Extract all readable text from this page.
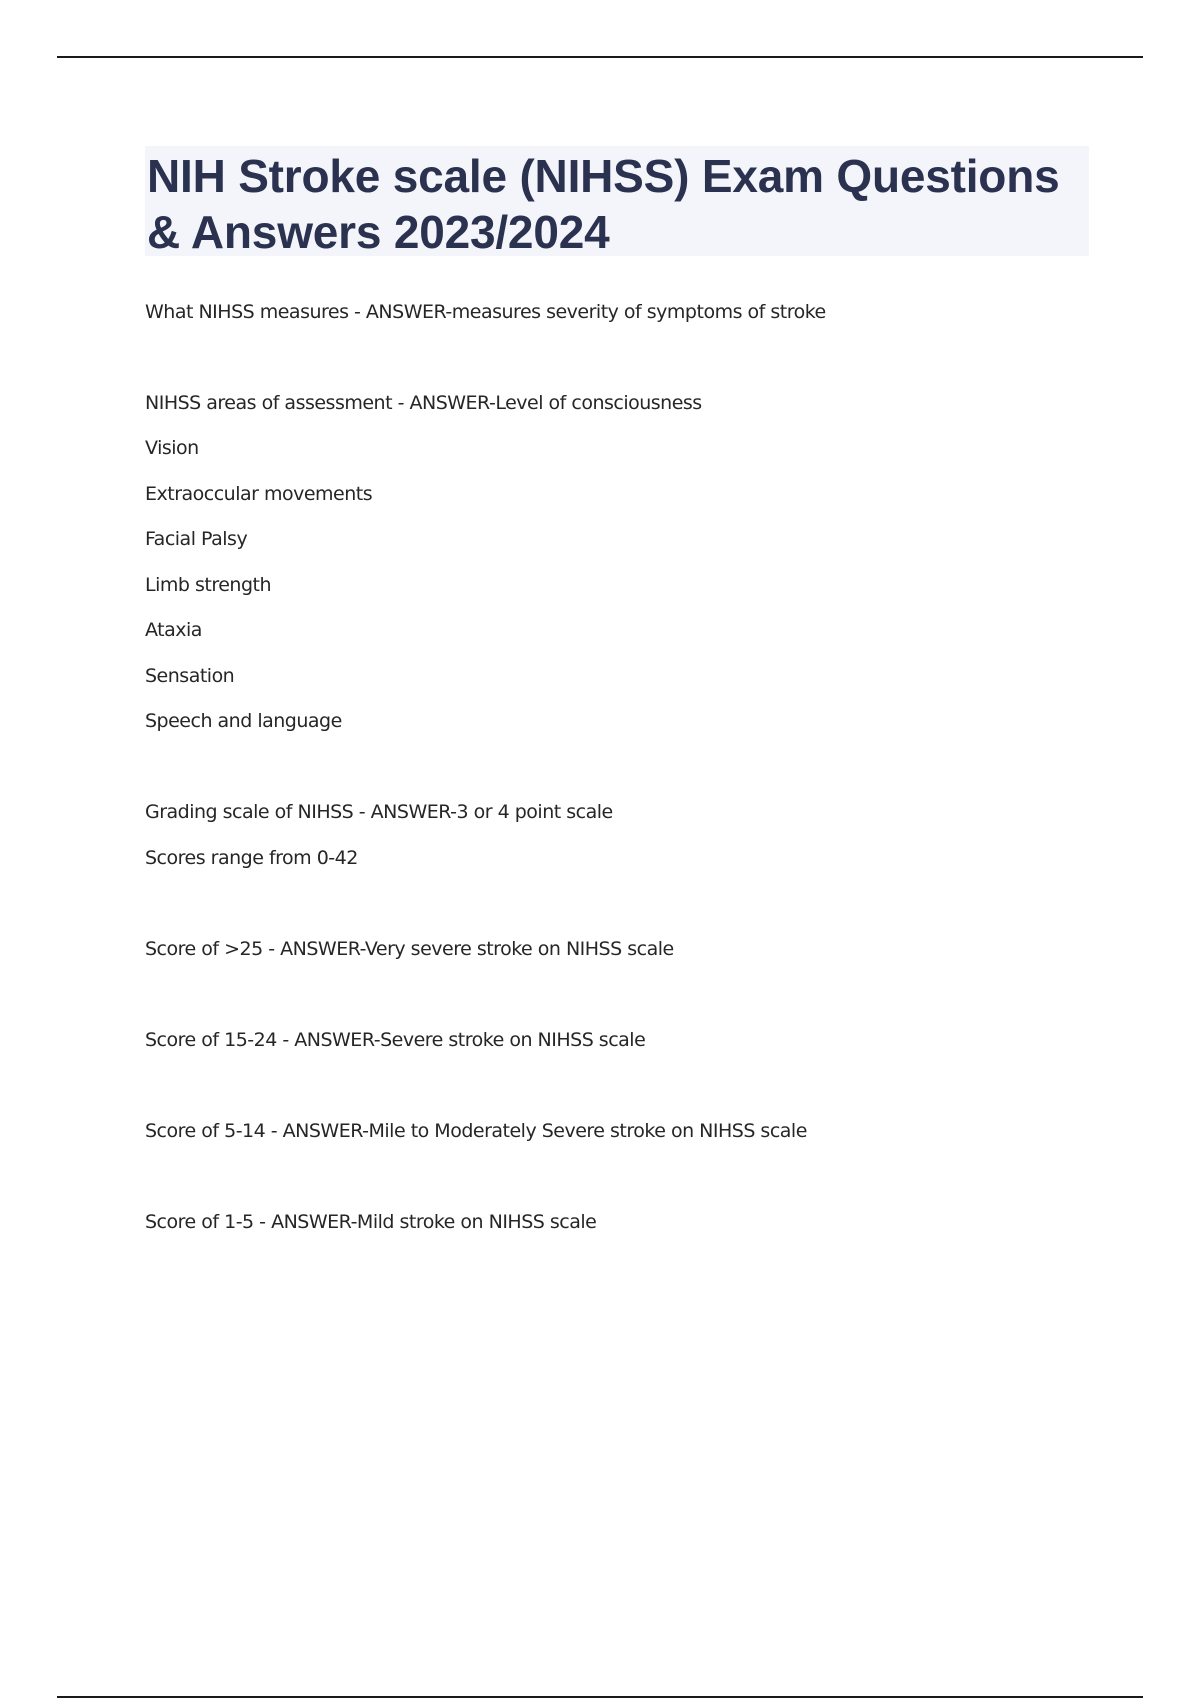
NIH Stroke scale (NIHSS) Exam Questions & Answers 2023/2024
What NIHSS measures - ANSWER-measures severity of symptoms of stroke
NIHSS areas of assessment - ANSWER-Level of consciousness
Vision
Extraoccular movements
Facial Palsy
Limb strength
Ataxia
Sensation
Speech and language
Grading scale of NIHSS - ANSWER-3 or 4 point scale
Scores range from 0-42
Score of >25 - ANSWER-Very severe stroke on NIHSS scale
Score of 15-24 - ANSWER-Severe stroke on NIHSS scale
Score of 5-14 - ANSWER-Mile to Moderately Severe stroke on NIHSS scale
Score of 1-5 - ANSWER-Mild stroke on NIHSS scale
